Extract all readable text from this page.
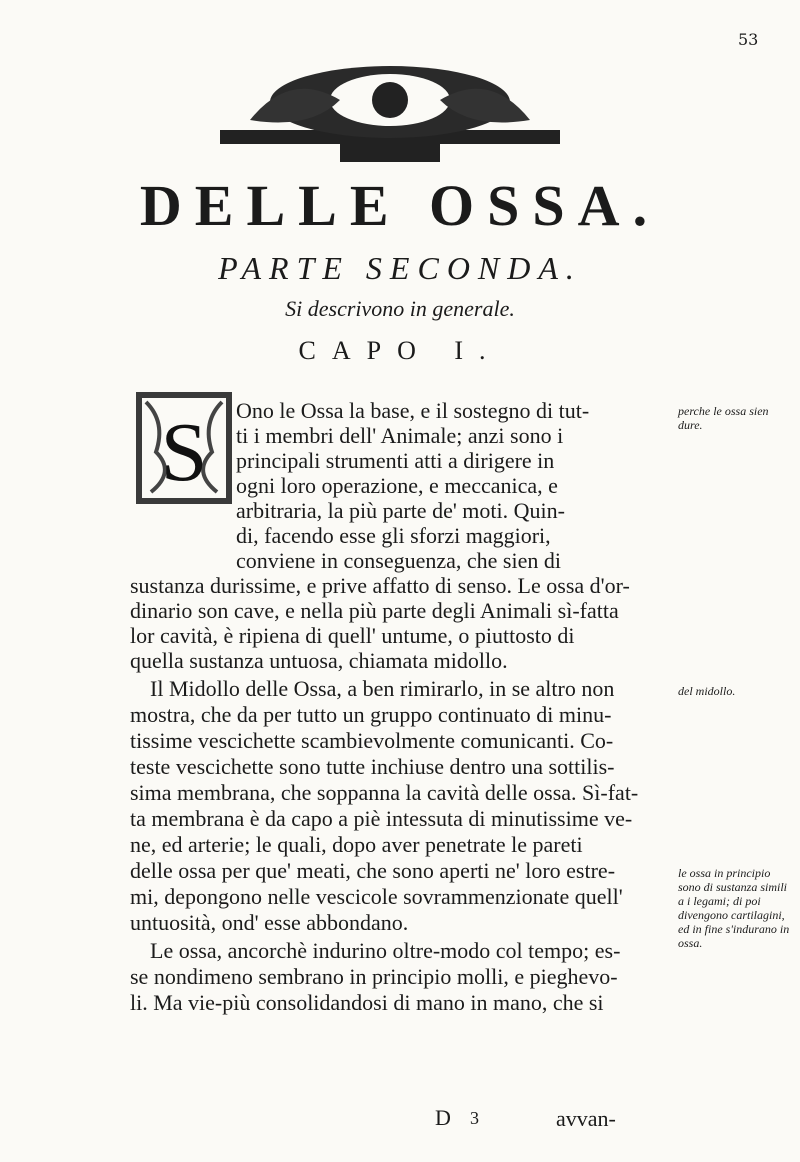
53
DELLE OSSA.
PARTE SECONDA.
Si descrivono in generale.
CAPO I.
S Ono le Ossa la base, e il sostegno di tut-
ti i membri dell' Animale; anzi sono i
principali strumenti atti a dirigere in
ogni loro operazione, e meccanica, e
arbitraria, la più parte de' moti. Quin-
di, facendo esse gli sforzi maggiori,
conviene in conseguenza, che sien di
sustanza durissime, e prive affatto di senso. Le ossa d'or-
dinario son cave, e nella più parte degli Animali sì-fatta
lor cavità, è ripiena di quell' untume, o piuttosto di
quella sustanza untuosa, chiamata midollo.
Il Midollo delle Ossa, a ben rimirarlo, in se altro non
mostra, che da per tutto un gruppo continuato di minu-
tissime vescichette scambievolmente comunicanti. Co-
teste vescichette sono tutte inchiuse dentro una sottilis-
sima membrana, che soppanna la cavità delle ossa. Sì-fat-
ta membrana è da capo a piè intessuta di minutissime ve-
ne, ed arterie; le quali, dopo aver penetrate le pareti
delle ossa per que' meati, che sono aperti ne' loro estre-
mi, depongono nelle vescicole sovrammenzionate quell'
untuosità, ond' esse abbondano.
Le ossa, ancorchè indurino oltre-modo col tempo; es-
se nondimeno sembrano in principio molli, e pieghevo-
li. Ma vie-più consolidandosi di mano in mano, che si
perche le ossa sien dure.
del midollo.
le ossa in principio sono di sustanza simili a i legami; di poi divengono cartilagini, ed in fine s'indurano in ossa.
D 3	avvan-
